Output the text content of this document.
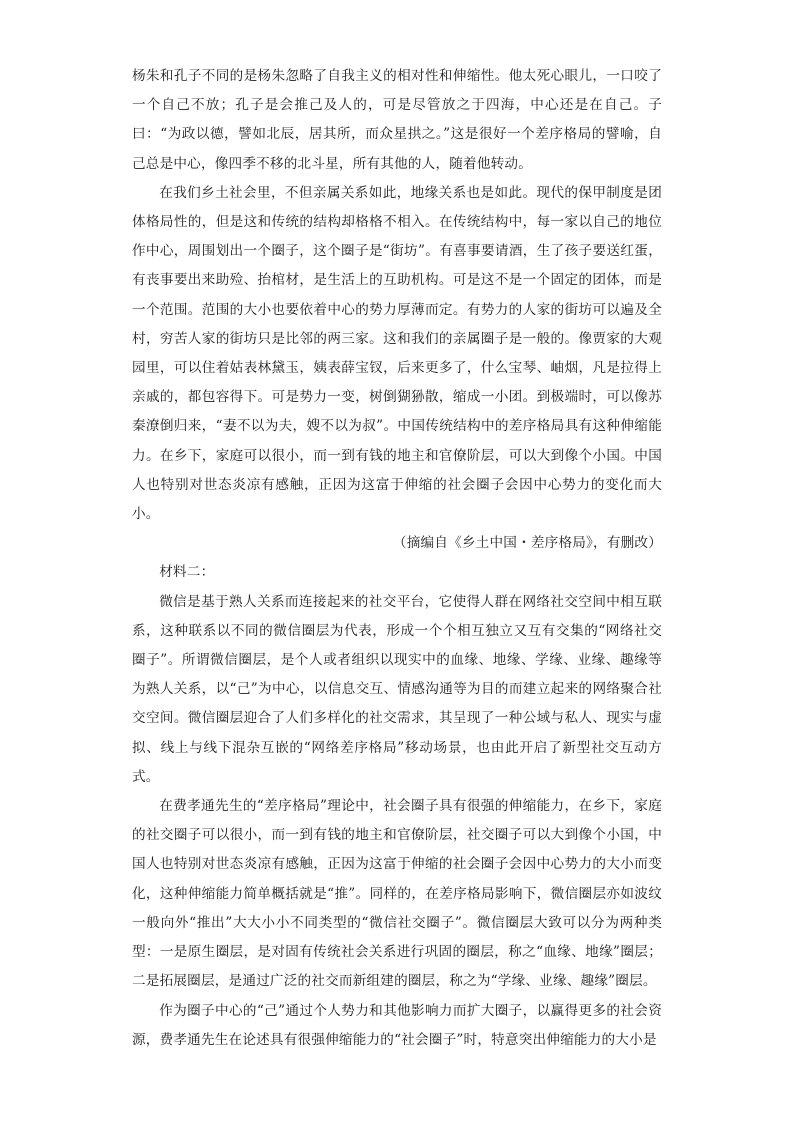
杨朱和孔子不同的是杨朱忽略了自我主义的相对性和伸缩性。他太死心眼儿，一口咬了一个自己不放；孔子是会推己及人的，可是尽管放之于四海，中心还是在自己。子曰：“为政以德，譬如北辰，居其所，而众星拱之。”这是很好一个差序格局的譬喻，自己总是中心，像四季不移的北斗星，所有其他的人，随着他转动。

在我们乡土社会里，不但亲属关系如此，地缘关系也是如此。现代的保甲制度是团体格局性的，但是这和传统的结构却格格不相入。在传统结构中，每一家以自己的地位作中心，周围划出一个圈子，这个圈子是“街坊”。有喜事要请酒，生了孩子要送红蛋，有丧事要出来助殓、抬棺材，是生活上的互助机构。可是这不是一个固定的团体，而是一个范围。范围的大小也要依着中心的势力厚薄而定。有势力的人家的街坊可以遍及全村，穷苦人家的街坊只是比邻的两三家。这和我们的亲属圈子是一般的。像贾家的大观园里，可以住着姑表林黛玉，姨表薛宝钗，后来更多了，什么宝琴、岫烟，凡是拉得上亲戚的，都包容得下。可是势力一变，树倒猢狲散，缩成一小团。到极端时，可以像苏秦潦倒归来，“妻不以为夫，嫂不以为叔”。中国传统结构中的差序格局具有这种伸缩能力。在乡下，家庭可以很小，而一到有钱的地主和官僚阶层，可以大到像个小国。中国人也特别对世态炎凉有感触，正因为这富于伸缩的社会圈子会因中心势力的变化而大小。

（摘编自《乡土中国・差序格局》，有删改）

材料二：

微信是基于熟人关系而连接起来的社交平台，它使得人群在网络社交空间中相互联系，这种联系以不同的微信圈层为代表，形成一个个相互独立又互有交集的“网络社交圈子”。所谓微信圈层，是个人或者组织以现实中的血缘、地缘、学缘、业缘、趣缘等为熟人关系，以“己”为中心，以信息交互、情感沟通等为目的而建立起来的网络聚合社交空间。微信圈层迎合了人们多样化的社交需求，其呈现了一种公域与私人、现实与虚拟、线上与线下混杂互嵌的“网络差序格局”移动场景，也由此开启了新型社交互动方式。

在费孝通先生的“差序格局”理论中，社会圈子具有很强的伸缩能力，在乡下，家庭的社交圈子可以很小，而一到有钱的地主和官僚阶层，社交圈子可以大到像个小国，中国人也特别对世态炎凉有感触，正因为这富于伸缩的社会圈子会因中心势力的大小而变化，这种伸缩能力简单概括就是“推”。同样的，在差序格局影响下，微信圈层亦如波纹一般向外“推出”大大小小不同类型的“微信社交圈子”。微信圈层大致可以分为两种类型：一是原生圈层，是对固有传统社会关系进行巩固的圈层，称之“血缘、地缘”圈层；二是拓展圈层，是通过广泛的社交而新组建的圈层，称之为“学缘、业缘、趣缘”圈层。

作为圈子中心的“己”通过个人势力和其他影响力而扩大圈子，以赢得更多的社会资源，费孝通先生在论述具有很强伸缩能力的“社会圈子”时，特意突出伸缩能力的大小是
